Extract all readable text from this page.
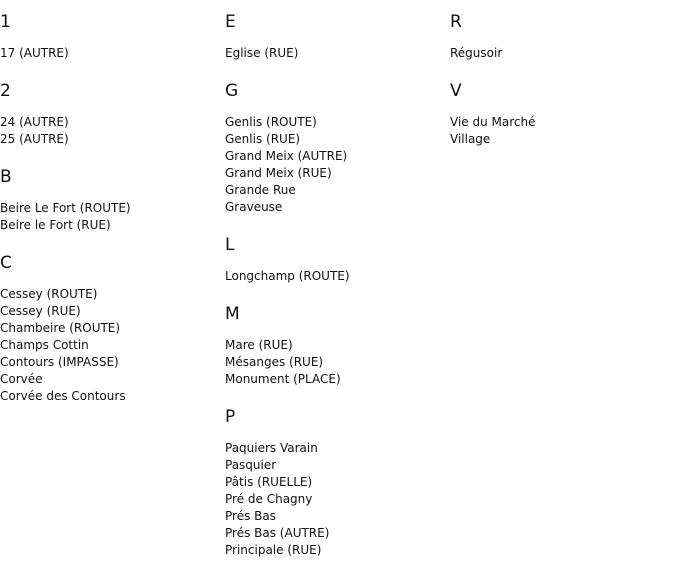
1
17 (AUTRE)
2
24 (AUTRE)
25 (AUTRE)
B
Beire Le Fort (ROUTE)
Beire le Fort (RUE)
C
Cessey (ROUTE)
Cessey (RUE)
Chambeire (ROUTE)
Champs Cottin
Contours (IMPASSE)
Corvée
Corvée des Contours
E
Eglise (RUE)
G
Genlis (ROUTE)
Genlis (RUE)
Grand Meix (AUTRE)
Grand Meix (RUE)
Grande Rue
Graveuse
L
Longchamp (ROUTE)
M
Mare (RUE)
Mésanges (RUE)
Monument (PLACE)
P
Paquiers Varain
Pasquier
Pâtis (RUELLE)
Pré de Chagny
Prés Bas
Prés Bas (AUTRE)
Principale (RUE)
R
Régusoir
V
Vie du Marché
Village
